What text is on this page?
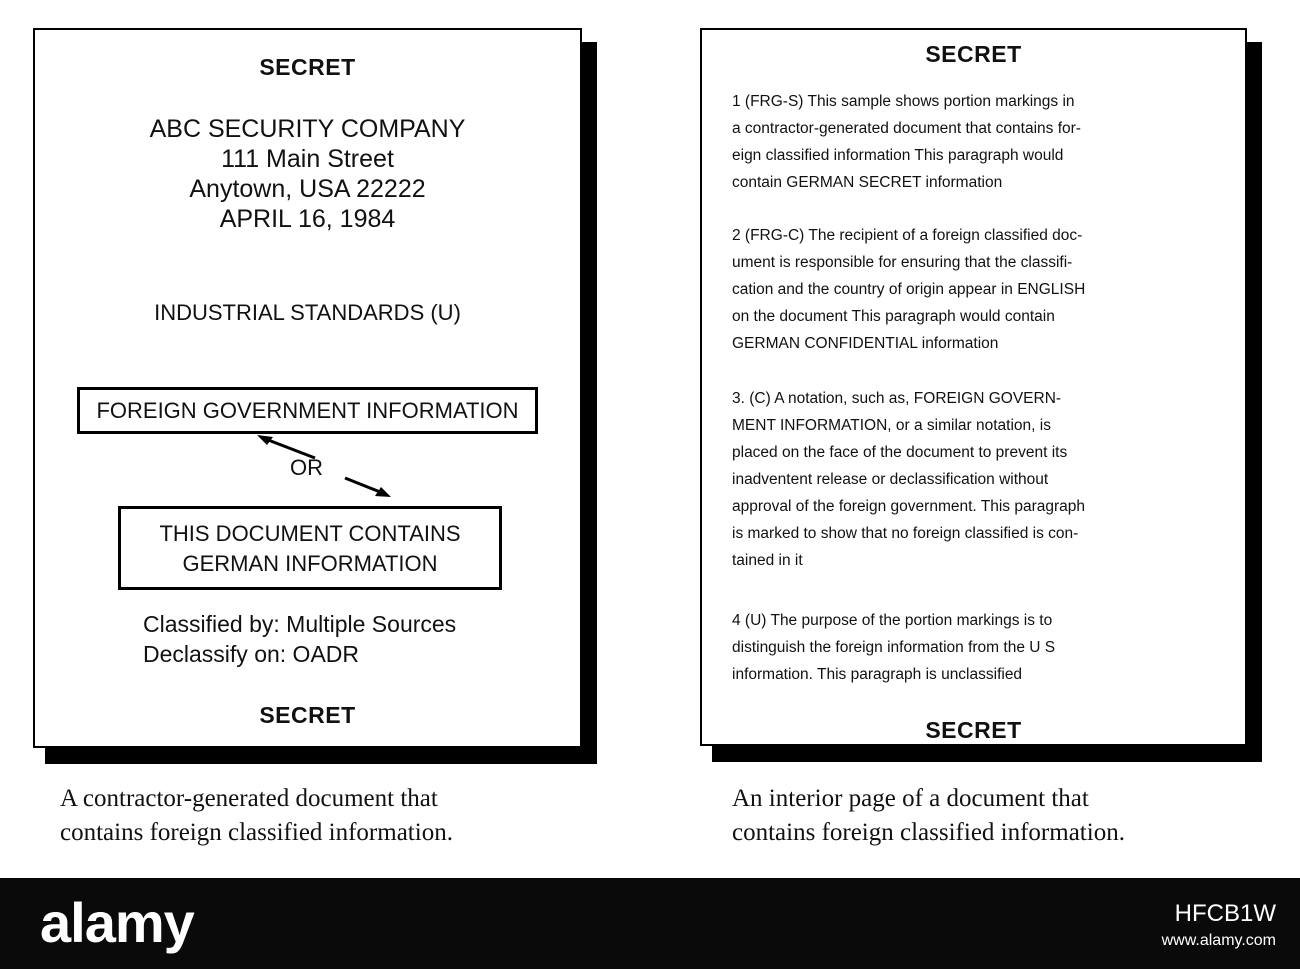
SECRET
ABC SECURITY COMPANY
111 Main Street
Anytown, USA 22222
APRIL 16, 1984
INDUSTRIAL STANDARDS (U)
FOREIGN GOVERNMENT INFORMATION
OR
THIS DOCUMENT CONTAINS
GERMAN INFORMATION
Classified by: Multiple Sources
Declassify on: OADR
SECRET
SECRET
1 (FRG-S) This sample shows portion markings in
a contractor-generated document that contains for-
eign classified information This paragraph would
contain GERMAN SECRET information
2 (FRG-C) The recipient of a foreign classified doc-
ument is responsible for ensuring that the classifi-
cation and the country of origin appear in ENGLISH
on the document This paragraph would contain
GERMAN CONFIDENTIAL information
3. (C) A notation, such as, FOREIGN GOVERN-
MENT INFORMATION, or a similar notation, is
placed on the face of the document to prevent its
inadventent release or declassification without
approval of the foreign government. This paragraph
is marked to show that no foreign classified is con-
tained in it
4 (U) The purpose of the portion markings is to
distinguish the foreign information from the U S
information. This paragraph is unclassified
SECRET
A contractor-generated document that
contains foreign classified information.
An interior page of a document that
contains foreign classified information.
alamy	HFCB1W
www.alamy.com
